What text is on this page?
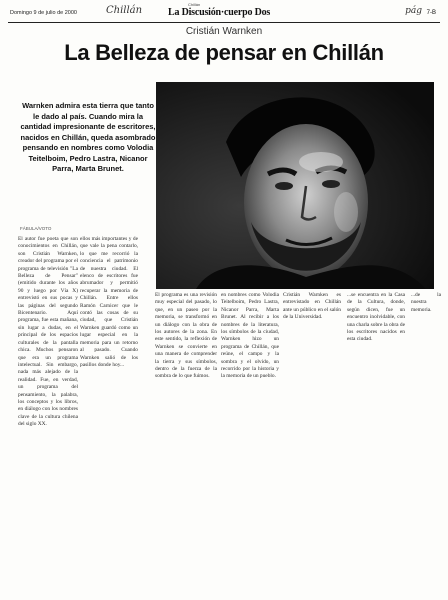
Domingo 9 de julio de 2000	Chillán
Chillán
La Discusión·cuerpo Dos	pág 7-B
Cristián Warnken
La Belleza de pensar en Chillán
Warnken admira esta tierra que tanto le dado al país. Cuando mira la cantidad impresionante de escritores, nacidos en Chillán, queda asombrado pensando en nombres como Volodia Teitelboim, Pedro Lastra, Nicanor Parra, Marta Brunet.
FÁBULA/VOTO
El autor fue poeta que son conocimientos en Chillán, son Cristián Warnken, creador del programa por el programa de televisión "La Belleza de Pensar" (emitido durante los años 90 y luego por Vía X) entrevistó en sus pocas y las páginas del segundo Bicentenario. Aquí programa, fue esta mañana, sin lugar a dudas, en el principal de los espacios culturales de la pantalla chica. Muchos pensaron que era un programa intelectual. Sin embargo, nada más alejado de la realidad. Fue, en verdad, un programa del pensamiento, la palabra, los conceptos y los libros, en diálogo con los nombres clave de la cultura chilena del siglo XX.
ellos más importantes y de que vale la pena contarlo, lo que me recorrió la conciencia el patrimonio de nuestra ciudad. El elenco de escritores fue abrumador y permitió recuperar la memoria de Chillán. Entre ellos Ramón Carnicer que le contó las cosas de su ciudad, que Cristián Warnken guardó como un lugar especial en la memoria para un retorno al pasado. Cuando Warnken salió de los pasillos donde hoy...
El programa es una revisión muy especial del pasado, lo que, en un paseo por la memoria, se transformó en un diálogo con la obra de los autores de la zona. En este sentido, la reflexión de Warnken se convierte en una manera de comprender la tierra y sus símbolos, dentro de la fuerza de la sombra de lo que fuimos.
en nombres como Volodia Teitelboim, Pedro Lastra, Nicanor Parra, Marta Brunet. Al recibir a los nombres de la literatura, los símbolos de la ciudad, Warnken hizo un programa de Chillán, que reúne, el campo y la sombra y el olvido, un recorrido por la historia y la memoria de un pueblo.
Cristián Warnken es entrevistado en Chillán ante un público en el salón de la Universidad.
...se encuentra en la Casa de la Cultura, donde, según dicen, fue un encuentro inolvidable, con una charla sobre la obra de los escritores nacidos en esta ciudad.
...de la nuestra memoria.
